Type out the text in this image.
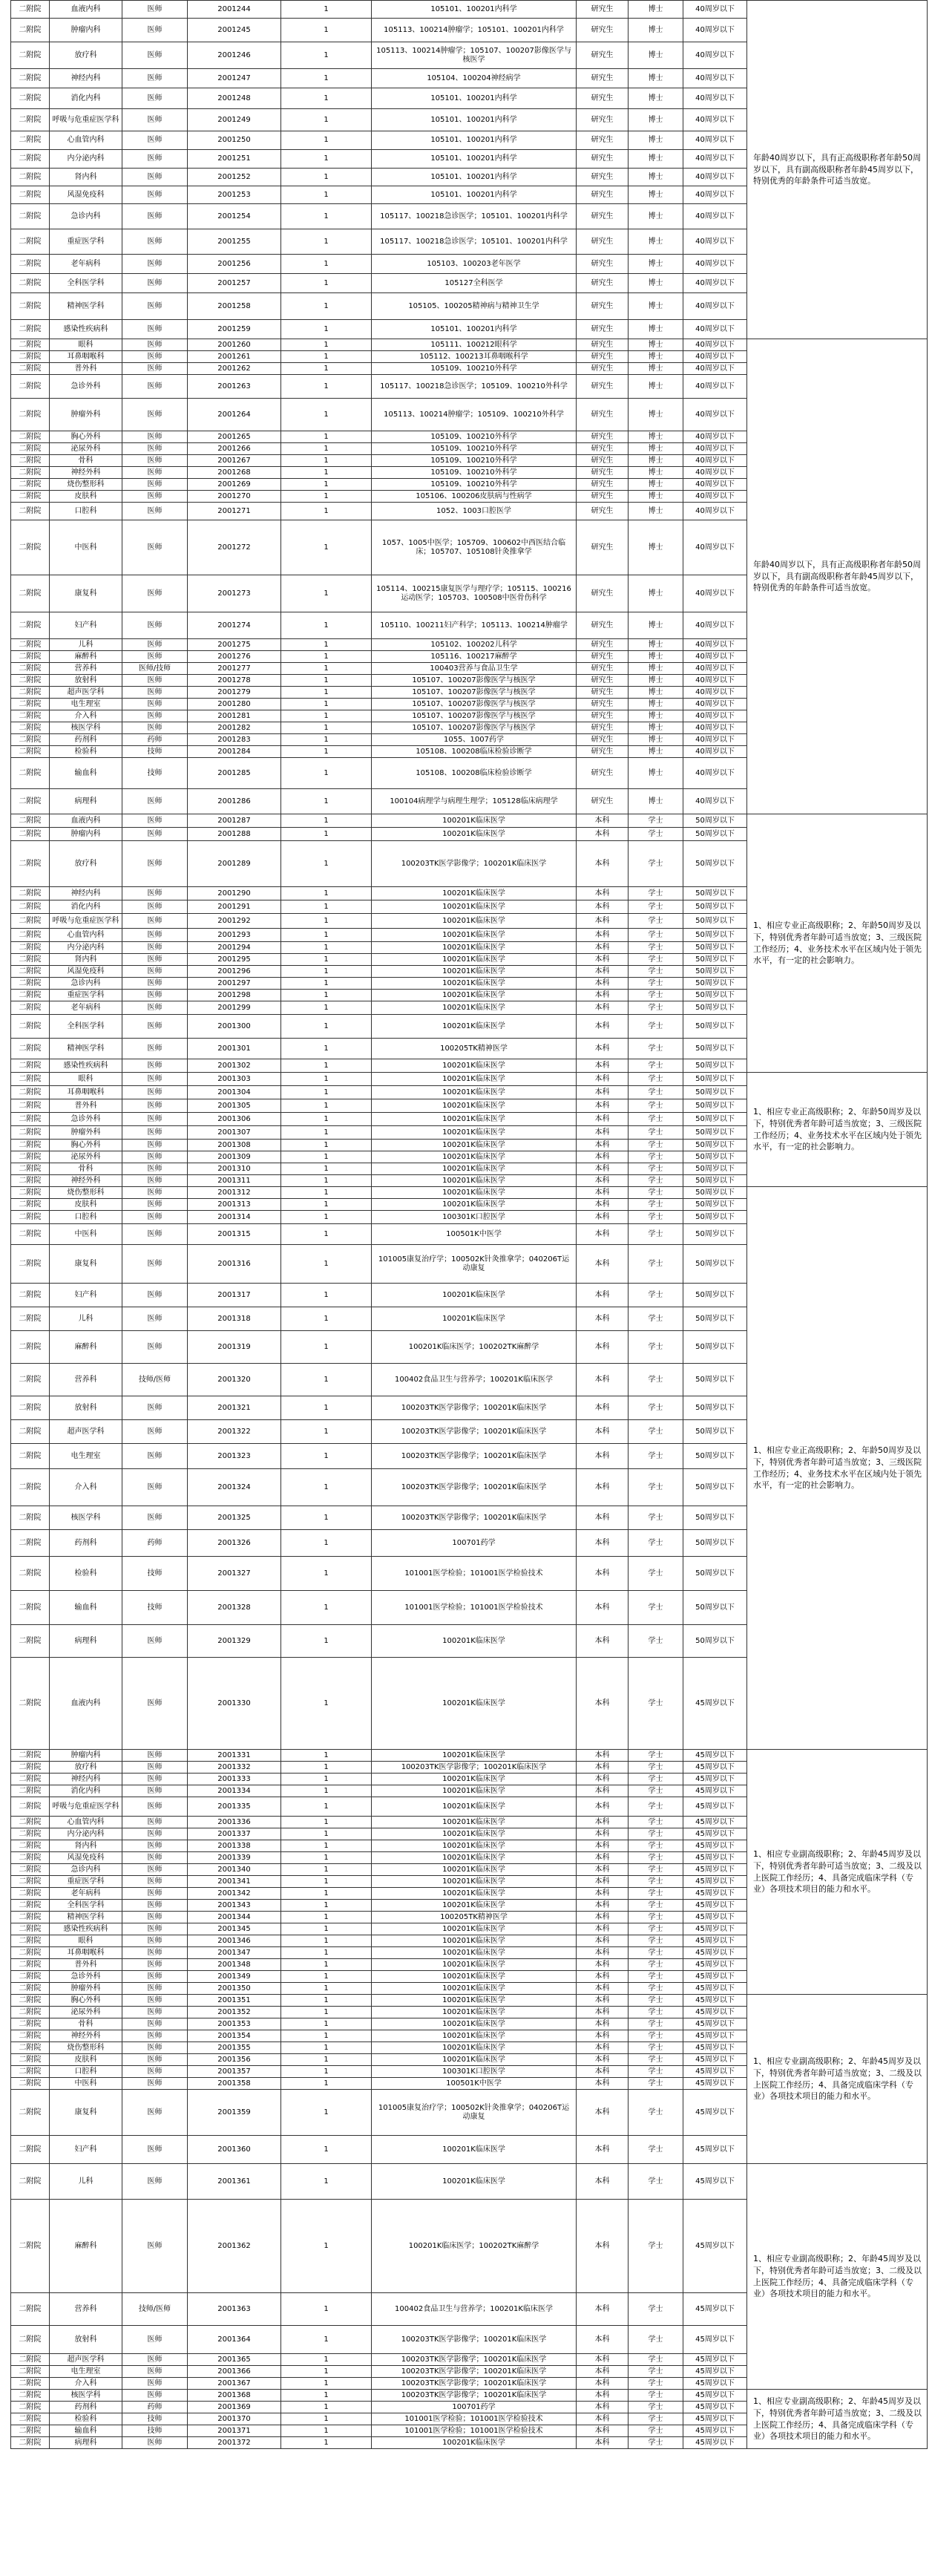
二附院	血液内科	医师	2001244	1	105101、100201内科学	研究生	博士	40周岁以下	年龄40周岁以下，具有正高级职称者年龄50周岁以下，具有副高级职称者年龄45周岁以下，特别优秀的年龄条件可适当放宽。
二附院	肿瘤内科	医师	2001245	1	105113、100214肿瘤学；105101、100201内科学	研究生	博士	40周岁以下	
二附院	放疗科	医师	2001246	1	105113、100214肿瘤学；105107、100207影像医学与核医学	研究生	博士	40周岁以下	
二附院	神经内科	医师	2001247	1	105104、100204神经病学	研究生	博士	40周岁以下	
二附院	消化内科	医师	2001248	1	105101、100201内科学	研究生	博士	40周岁以下	
二附院	呼吸与危重症医学科	医师	2001249	1	105101、100201内科学	研究生	博士	40周岁以下	
二附院	心血管内科	医师	2001250	1	105101、100201内科学	研究生	博士	40周岁以下	
二附院	内分泌内科	医师	2001251	1	105101、100201内科学	研究生	博士	40周岁以下	
二附院	肾内科	医师	2001252	1	105101、100201内科学	研究生	博士	40周岁以下	
二附院	风湿免疫科	医师	2001253	1	105101、100201内科学	研究生	博士	40周岁以下	
二附院	急诊内科	医师	2001254	1	105117、100218急诊医学；105101、100201内科学	研究生	博士	40周岁以下	
二附院	重症医学科	医师	2001255	1	105117、100218急诊医学；105101、100201内科学	研究生	博士	40周岁以下	
二附院	老年病科	医师	2001256	1	105103、100203老年医学	研究生	博士	40周岁以下	
二附院	全科医学科	医师	2001257	1	105127全科医学	研究生	博士	40周岁以下	
二附院	精神医学科	医师	2001258	1	105105、100205精神病与精神卫生学	研究生	博士	40周岁以下	
二附院	感染性疾病科	医师	2001259	1	105101、100201内科学	研究生	博士	40周岁以下	
二附院	眼科	医师	2001260	1	105111、100212眼科学	研究生	博士	40周岁以下	年龄40周岁以下，具有正高级职称者年龄50周岁以下，具有副高级职称者年龄45周岁以下，特别优秀的年龄条件可适当放宽。
二附院	耳鼻咽喉科	医师	2001261	1	105112、100213耳鼻咽喉科学	研究生	博士	40周岁以下	
二附院	普外科	医师	2001262	1	105109、100210外科学	研究生	博士	40周岁以下	
二附院	急诊外科	医师	2001263	1	105117、100218急诊医学；105109、100210外科学	研究生	博士	40周岁以下	
二附院	肿瘤外科	医师	2001264	1	105113、100214肿瘤学；105109、100210外科学	研究生	博士	40周岁以下	
二附院	胸心外科	医师	2001265	1	105109、100210外科学	研究生	博士	40周岁以下	
二附院	泌尿外科	医师	2001266	1	105109、100210外科学	研究生	博士	40周岁以下	
二附院	骨科	医师	2001267	1	105109、100210外科学	研究生	博士	40周岁以下	
二附院	神经外科	医师	2001268	1	105109、100210外科学	研究生	博士	40周岁以下	
二附院	烧伤整形科	医师	2001269	1	105109、100210外科学	研究生	博士	40周岁以下	
二附院	皮肤科	医师	2001270	1	105106、100206皮肤病与性病学	研究生	博士	40周岁以下	
二附院	口腔科	医师	2001271	1	1052、1003口腔医学	研究生	博士	40周岁以下	
二附院	中医科	医师	2001272	1	1057、1005中医学；105709、100602中西医结合临床；105707、105108针灸推拿学	研究生	博士	40周岁以下	
二附院	康复科	医师	2001273	1	105114、100215康复医学与理疗学；105115、100216运动医学；105703、100508中医骨伤科学	研究生	博士	40周岁以下	
二附院	妇产科	医师	2001274	1	105110、100211妇产科学；105113、100214肿瘤学	研究生	博士	40周岁以下	
二附院	儿科	医师	2001275	1	105102、100202儿科学	研究生	博士	40周岁以下	
二附院	麻醉科	医师	2001276	1	105116、100217麻醉学	研究生	博士	40周岁以下	
二附院	营养科	医师/技师	2001277	1	100403营养与食品卫生学	研究生	博士	40周岁以下	
二附院	放射科	医师	2001278	1	105107、100207影像医学与核医学	研究生	博士	40周岁以下	
二附院	超声医学科	医师	2001279	1	105107、100207影像医学与核医学	研究生	博士	40周岁以下	
二附院	电生理室	医师	2001280	1	105107、100207影像医学与核医学	研究生	博士	40周岁以下	
二附院	介入科	医师	2001281	1	105107、100207影像医学与核医学	研究生	博士	40周岁以下	
二附院	核医学科	医师	2001282	1	105107、100207影像医学与核医学	研究生	博士	40周岁以下	
二附院	药剂科	药师	2001283	1	1055、1007药学	研究生	博士	40周岁以下	
二附院	检验科	技师	2001284	1	105108、100208临床检验诊断学	研究生	博士	40周岁以下	
二附院	输血科	技师	2001285	1	105108、100208临床检验诊断学	研究生	博士	40周岁以下	
二附院	病理科	医师	2001286	1	100104病理学与病理生理学；105128临床病理学	研究生	博士	40周岁以下	
二附院	血液内科	医师	2001287	1	100201K临床医学	本科	学士	50周岁以下	1、相应专业正高级职称；2、年龄50周岁及以下，特别优秀者年龄可适当放宽；3、三级医院工作经历；4、业务技术水平在区域内处于领先水平，有一定的社会影响力。
二附院	肿瘤内科	医师	2001288	1	100201K临床医学	本科	学士	50周岁以下	
二附院	放疗科	医师	2001289	1	100203TK医学影像学；100201K临床医学	本科	学士	50周岁以下	
二附院	神经内科	医师	2001290	1	100201K临床医学	本科	学士	50周岁以下	
二附院	消化内科	医师	2001291	1	100201K临床医学	本科	学士	50周岁以下	
二附院	呼吸与危重症医学科	医师	2001292	1	100201K临床医学	本科	学士	50周岁以下	
二附院	心血管内科	医师	2001293	1	100201K临床医学	本科	学士	50周岁以下	
二附院	内分泌内科	医师	2001294	1	100201K临床医学	本科	学士	50周岁以下	
二附院	肾内科	医师	2001295	1	100201K临床医学	本科	学士	50周岁以下	
二附院	风湿免疫科	医师	2001296	1	100201K临床医学	本科	学士	50周岁以下	
二附院	急诊内科	医师	2001297	1	100201K临床医学	本科	学士	50周岁以下	
二附院	重症医学科	医师	2001298	1	100201K临床医学	本科	学士	50周岁以下	
二附院	老年病科	医师	2001299	1	100201K临床医学	本科	学士	50周岁以下	
二附院	全科医学科	医师	2001300	1	100201K临床医学	本科	学士	50周岁以下	
二附院	精神医学科	医师	2001301	1	100205TK精神医学	本科	学士	50周岁以下	
二附院	感染性疾病科	医师	2001302	1	100201K临床医学	本科	学士	50周岁以下	
二附院	眼科	医师	2001303	1	100201K临床医学	本科	学士	50周岁以下	1、相应专业正高级职称；2、年龄50周岁及以下，特别优秀者年龄可适当放宽；3、三级医院工作经历；4、业务技术水平在区域内处于领先水平，有一定的社会影响力。
二附院	耳鼻咽喉科	医师	2001304	1	100201K临床医学	本科	学士	50周岁以下	
二附院	普外科	医师	2001305	1	100201K临床医学	本科	学士	50周岁以下	
二附院	急诊外科	医师	2001306	1	100201K临床医学	本科	学士	50周岁以下	
二附院	肿瘤外科	医师	2001307	1	100201K临床医学	本科	学士	50周岁以下	
二附院	胸心外科	医师	2001308	1	100201K临床医学	本科	学士	50周岁以下	
二附院	泌尿外科	医师	2001309	1	100201K临床医学	本科	学士	50周岁以下	
二附院	骨科	医师	2001310	1	100201K临床医学	本科	学士	50周岁以下	
二附院	神经外科	医师	2001311	1	100201K临床医学	本科	学士	50周岁以下	
二附院	烧伤整形科	医师	2001312	1	100201K临床医学	本科	学士	50周岁以下	1、相应专业正高级职称；2、年龄50周岁及以下，特别优秀者年龄可适当放宽；3、三级医院工作经历；4、业务技术水平在区域内处于领先水平，有一定的社会影响力。
二附院	皮肤科	医师	2001313	1	100201K临床医学	本科	学士	50周岁以下	
二附院	口腔科	医师	2001314	1	100301K口腔医学	本科	学士	50周岁以下	
二附院	中医科	医师	2001315	1	100501K中医学	本科	学士	50周岁以下	
二附院	康复科	医师	2001316	1	101005康复治疗学；100502K针灸推拿学；040206T运动康复	本科	学士	50周岁以下	
二附院	妇产科	医师	2001317	1	100201K临床医学	本科	学士	50周岁以下	
二附院	儿科	医师	2001318	1	100201K临床医学	本科	学士	50周岁以下	
二附院	麻醉科	医师	2001319	1	100201K临床医学；100202TK麻醉学	本科	学士	50周岁以下	
二附院	营养科	技师/医师	2001320	1	100402食品卫生与营养学；100201K临床医学	本科	学士	50周岁以下	
二附院	放射科	医师	2001321	1	100203TK医学影像学；100201K临床医学	本科	学士	50周岁以下	
二附院	超声医学科	医师	2001322	1	100203TK医学影像学；100201K临床医学	本科	学士	50周岁以下	
二附院	电生理室	医师	2001323	1	100203TK医学影像学；100201K临床医学	本科	学士	50周岁以下	
二附院	介入科	医师	2001324	1	100203TK医学影像学；100201K临床医学	本科	学士	50周岁以下	
二附院	核医学科	医师	2001325	1	100203TK医学影像学；100201K临床医学	本科	学士	50周岁以下	
二附院	药剂科	药师	2001326	1	100701药学	本科	学士	50周岁以下	
二附院	检验科	技师	2001327	1	101001医学检验；101001医学检验技术	本科	学士	50周岁以下	
二附院	输血科	技师	2001328	1	101001医学检验；101001医学检验技术	本科	学士	50周岁以下	
二附院	病理科	医师	2001329	1	100201K临床医学	本科	学士	50周岁以下	
二附院	血液内科	医师	2001330	1	100201K临床医学	本科	学士	45周岁以下	
二附院	肿瘤内科	医师	2001331	1	100201K临床医学	本科	学士	45周岁以下	1、相应专业副高级职称；2、年龄45周岁及以下，特别优秀者年龄可适当放宽；3、二级及以上医院工作经历；4、具备完成临床学科（专业）各项技术项目的能力和水平。
二附院	放疗科	医师	2001332	1	100203TK医学影像学；100201K临床医学	本科	学士	45周岁以下	
二附院	神经内科	医师	2001333	1	100201K临床医学	本科	学士	45周岁以下	
二附院	消化内科	医师	2001334	1	100201K临床医学	本科	学士	45周岁以下	
二附院	呼吸与危重症医学科	医师	2001335	1	100201K临床医学	本科	学士	45周岁以下	
二附院	心血管内科	医师	2001336	1	100201K临床医学	本科	学士	45周岁以下	
二附院	内分泌内科	医师	2001337	1	100201K临床医学	本科	学士	45周岁以下	
二附院	肾内科	医师	2001338	1	100201K临床医学	本科	学士	45周岁以下	
二附院	风湿免疫科	医师	2001339	1	100201K临床医学	本科	学士	45周岁以下	
二附院	急诊内科	医师	2001340	1	100201K临床医学	本科	学士	45周岁以下	
二附院	重症医学科	医师	2001341	1	100201K临床医学	本科	学士	45周岁以下	
二附院	老年病科	医师	2001342	1	100201K临床医学	本科	学士	45周岁以下	
二附院	全科医学科	医师	2001343	1	100201K临床医学	本科	学士	45周岁以下	
二附院	精神医学科	医师	2001344	1	100205TK精神医学	本科	学士	45周岁以下	
二附院	感染性疾病科	医师	2001345	1	100201K临床医学	本科	学士	45周岁以下	
二附院	眼科	医师	2001346	1	100201K临床医学	本科	学士	45周岁以下	
二附院	耳鼻咽喉科	医师	2001347	1	100201K临床医学	本科	学士	45周岁以下	
二附院	普外科	医师	2001348	1	100201K临床医学	本科	学士	45周岁以下	
二附院	急诊外科	医师	2001349	1	100201K临床医学	本科	学士	45周岁以下	
二附院	肿瘤外科	医师	2001350	1	100201K临床医学	本科	学士	45周岁以下	
二附院	胸心外科	医师	2001351	1	100201K临床医学	本科	学士	45周岁以下	1、相应专业副高级职称；2、年龄45周岁及以下，特别优秀者年龄可适当放宽；3、二级及以上医院工作经历；4、具备完成临床学科（专业）各项技术项目的能力和水平。
二附院	泌尿外科	医师	2001352	1	100201K临床医学	本科	学士	45周岁以下	
二附院	骨科	医师	2001353	1	100201K临床医学	本科	学士	45周岁以下	
二附院	神经外科	医师	2001354	1	100201K临床医学	本科	学士	45周岁以下	
二附院	烧伤整形科	医师	2001355	1	100201K临床医学	本科	学士	45周岁以下	
二附院	皮肤科	医师	2001356	1	100201K临床医学	本科	学士	45周岁以下	
二附院	口腔科	医师	2001357	1	100301K口腔医学	本科	学士	45周岁以下	
二附院	中医科	医师	2001358	1	100501K中医学	本科	学士	45周岁以下	
二附院	康复科	医师	2001359	1	101005康复治疗学；100502K针灸推拿学；040206T运动康复	本科	学士	45周岁以下	
二附院	妇产科	医师	2001360	1	100201K临床医学	本科	学士	45周岁以下	
二附院	儿科	医师	2001361	1	100201K临床医学	本科	学士	45周岁以下	1、相应专业副高级职称；2、年龄45周岁及以下，特别优秀者年龄可适当放宽；3、二级及以上医院工作经历；4、具备完成临床学科（专业）各项技术项目的能力和水平。
二附院	麻醉科	医师	2001362	1	100201K临床医学；100202TK麻醉学	本科	学士	45周岁以下	
二附院	营养科	技师/医师	2001363	1	100402食品卫生与营养学；100201K临床医学	本科	学士	45周岁以下	
二附院	放射科	医师	2001364	1	100203TK医学影像学；100201K临床医学	本科	学士	45周岁以下	
二附院	超声医学科	医师	2001365	1	100203TK医学影像学；100201K临床医学	本科	学士	45周岁以下	
二附院	电生理室	医师	2001366	1	100203TK医学影像学；100201K临床医学	本科	学士	45周岁以下	
二附院	介入科	医师	2001367	1	100203TK医学影像学；100201K临床医学	本科	学士	45周岁以下	
二附院	核医学科	医师	2001368	1	100203TK医学影像学；100201K临床医学	本科	学士	45周岁以下	1、相应专业副高级职称；2、年龄45周岁及以下，特别优秀者年龄可适当放宽；3、二级及以上医院工作经历；4、具备完成临床学科（专业）各项技术项目的能力和水平。
二附院	药剂科	药师	2001369	1	100701药学	本科	学士	45周岁以下	
二附院	检验科	技师	2001370	1	101001医学检验；101001医学检验技术	本科	学士	45周岁以下	
二附院	输血科	技师	2001371	1	101001医学检验；101001医学检验技术	本科	学士	45周岁以下	
二附院	病理科	医师	2001372	1	100201K临床医学	本科	学士	45周岁以下	
